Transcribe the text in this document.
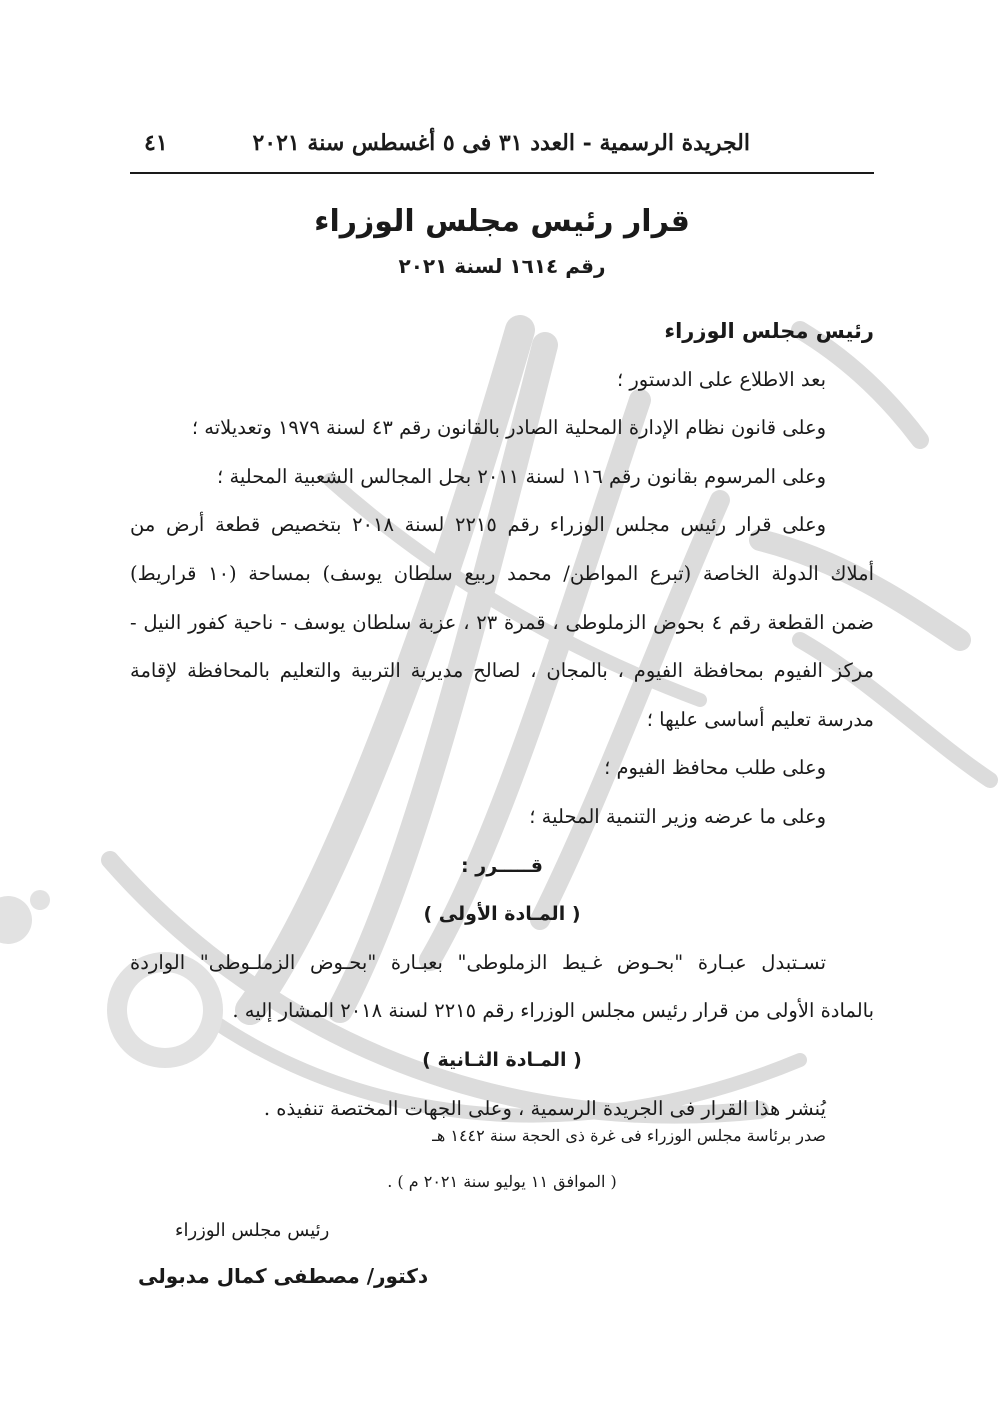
الجريدة الرسمية - العدد ٣١ فى ٥ أغسطس سنة ٢٠٢١
٤١
قرار رئيس مجلس الوزراء
رقم ١٦١٤ لسنة ٢٠٢١
رئيس مجلس الوزراء
بعد الاطلاع على الدستور ؛
وعلى قانون نظام الإدارة المحلية الصادر بالقانون رقم ٤٣ لسنة ١٩٧٩ وتعديلاته ؛
وعلى المرسوم بقانون رقم ١١٦ لسنة ٢٠١١ بحل المجالس الشعبية المحلية ؛
وعلى قرار رئيس مجلس الوزراء رقم ٢٢١٥ لسنة ٢٠١٨ بتخصيص قطعة أرض من
أملاك الدولة الخاصة (تبرع المواطن/ محمد ربيع سلطان يوسف) بمساحة (١٠ قراريط)
ضمن القطعة رقم ٤ بحوض الزملوطى ، قمرة ٢٣ ، عزبة سلطان يوسف - ناحية كفور النيل -
مركز الفيوم بمحافظة الفيوم ، بالمجان ، لصالح مديرية التربية والتعليم بالمحافظة لإقامة
مدرسة تعليم أساسى عليها ؛
وعلى طلب محافظ الفيوم ؛
وعلى ما عرضه وزير التنمية المحلية ؛
قـــــرر :
( المـادة الأولى )
تسـتبدل عبـارة "بحـوض غـيط الزملوطى" بعبـارة "بحـوض الزملـوطى" الواردة
بالمادة الأولى من قرار رئيس مجلس الوزراء رقم ٢٢١٥ لسنة ٢٠١٨ المشار إليه .
( المـادة الثـانية )
يُنشر هذا القرار فى الجريدة الرسمية ، وعلى الجهات المختصة تنفيذه .
صدر برئاسة مجلس الوزراء فى غرة ذى الحجة سنة ١٤٤٢ هـ
( الموافق ١١ يوليو سنة ٢٠٢١ م ) .
رئيس مجلس الوزراء
دكتور/ مصطفى كمال مدبولى
